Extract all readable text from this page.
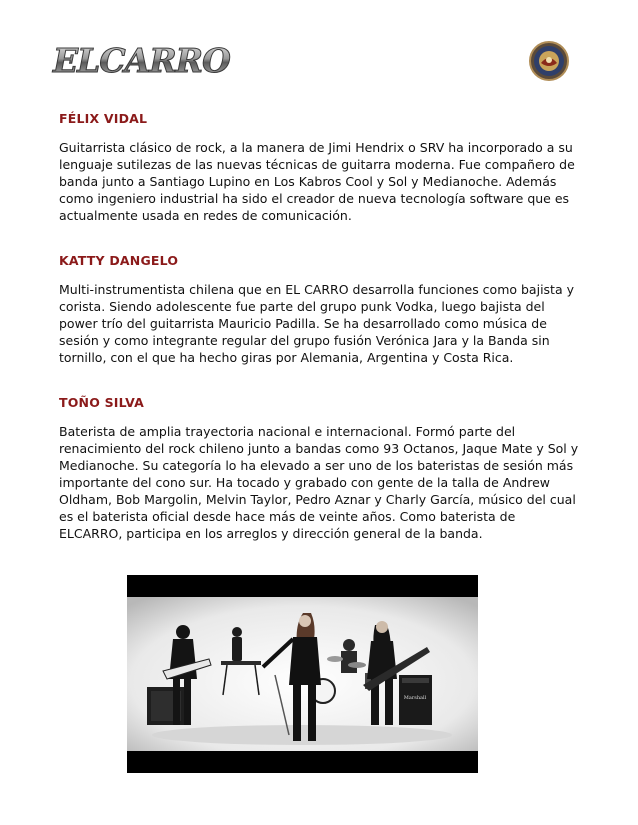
ELCARRO
FÉLIX VIDAL

Guitarrista clásico de rock, a la manera de Jimi Hendrix o SRV ha incorporado a su
lenguaje sutilezas de las nuevas técnicas de guitarra moderna. Fue compañero de
banda junto a Santiago Lupino en Los Kabros Cool y Sol y Medianoche. Además
como ingeniero industrial ha sido el creador de nueva tecnología software que es
actualmente usada en redes de comunicación.

KATTY DANGELO

Multi-instrumentista chilena que en EL CARRO desarrolla funciones como bajista y
corista. Siendo adolescente fue parte del grupo punk Vodka, luego bajista del
power trío del guitarrista Mauricio Padilla. Se ha desarrollado como música de
sesión y como integrante regular del grupo fusión Verónica Jara y la Banda sin
tornillo, con el que ha hecho giras por Alemania, Argentina y Costa Rica.

TOÑO SILVA

Baterista de amplia trayectoria nacional e internacional. Formó parte del
renacimiento del rock chileno junto a bandas como 93 Octanos, Jaque Mate y Sol y
Medianoche. Su categoría lo ha elevado a ser uno de los bateristas de sesión más
importante del cono sur. Ha tocado y grabado con gente de la talla de Andrew
Oldham, Bob Margolin, Melvin Taylor, Pedro Aznar y Charly García, músico del cual
es el baterista oficial desde hace más de veinte años. Como baterista de
ELCARRO, participa en los arreglos y dirección general de la banda.

Marshall
